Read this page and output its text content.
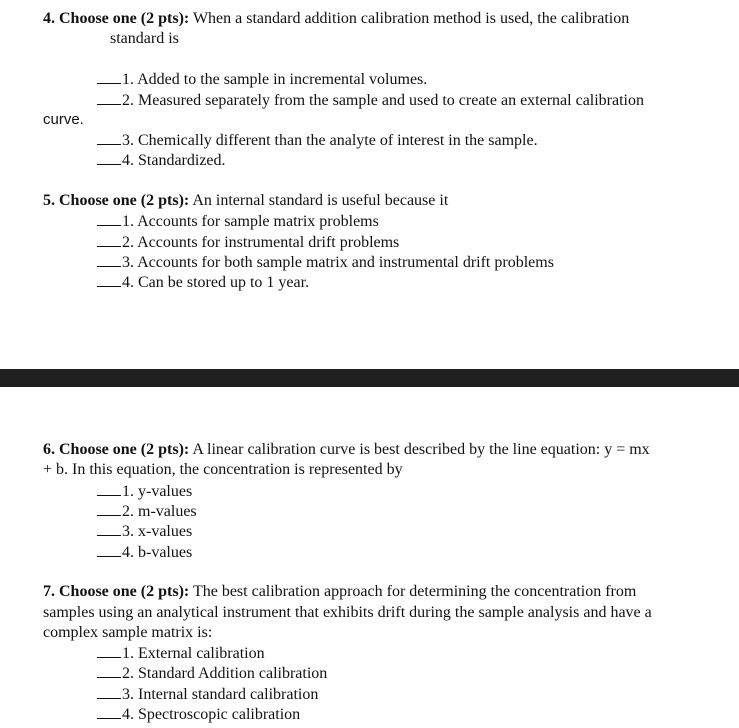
4. Choose one (2 pts): When a standard addition calibration method is used, the calibration
standard is
1. Added to the sample in incremental volumes.
2. Measured separately from the sample and used to create an external calibration
curve.
3. Chemically different than the analyte of interest in the sample.
4. Standardized.
5. Choose one (2 pts): An internal standard is useful because it
1. Accounts for sample matrix problems
2. Accounts for instrumental drift problems
3. Accounts for both sample matrix and instrumental drift problems
4. Can be stored up to 1 year.
6. Choose one (2 pts): A linear calibration curve is best described by the line equation: y = mx
+ b. In this equation, the concentration is represented by
1. y-values
2. m-values
3. x-values
4. b-values
7. Choose one (2 pts): The best calibration approach for determining the concentration from
samples using an analytical instrument that exhibits drift during the sample analysis and have a
complex sample matrix is:
1. External calibration
2. Standard Addition calibration
3. Internal standard calibration
4. Spectroscopic calibration
